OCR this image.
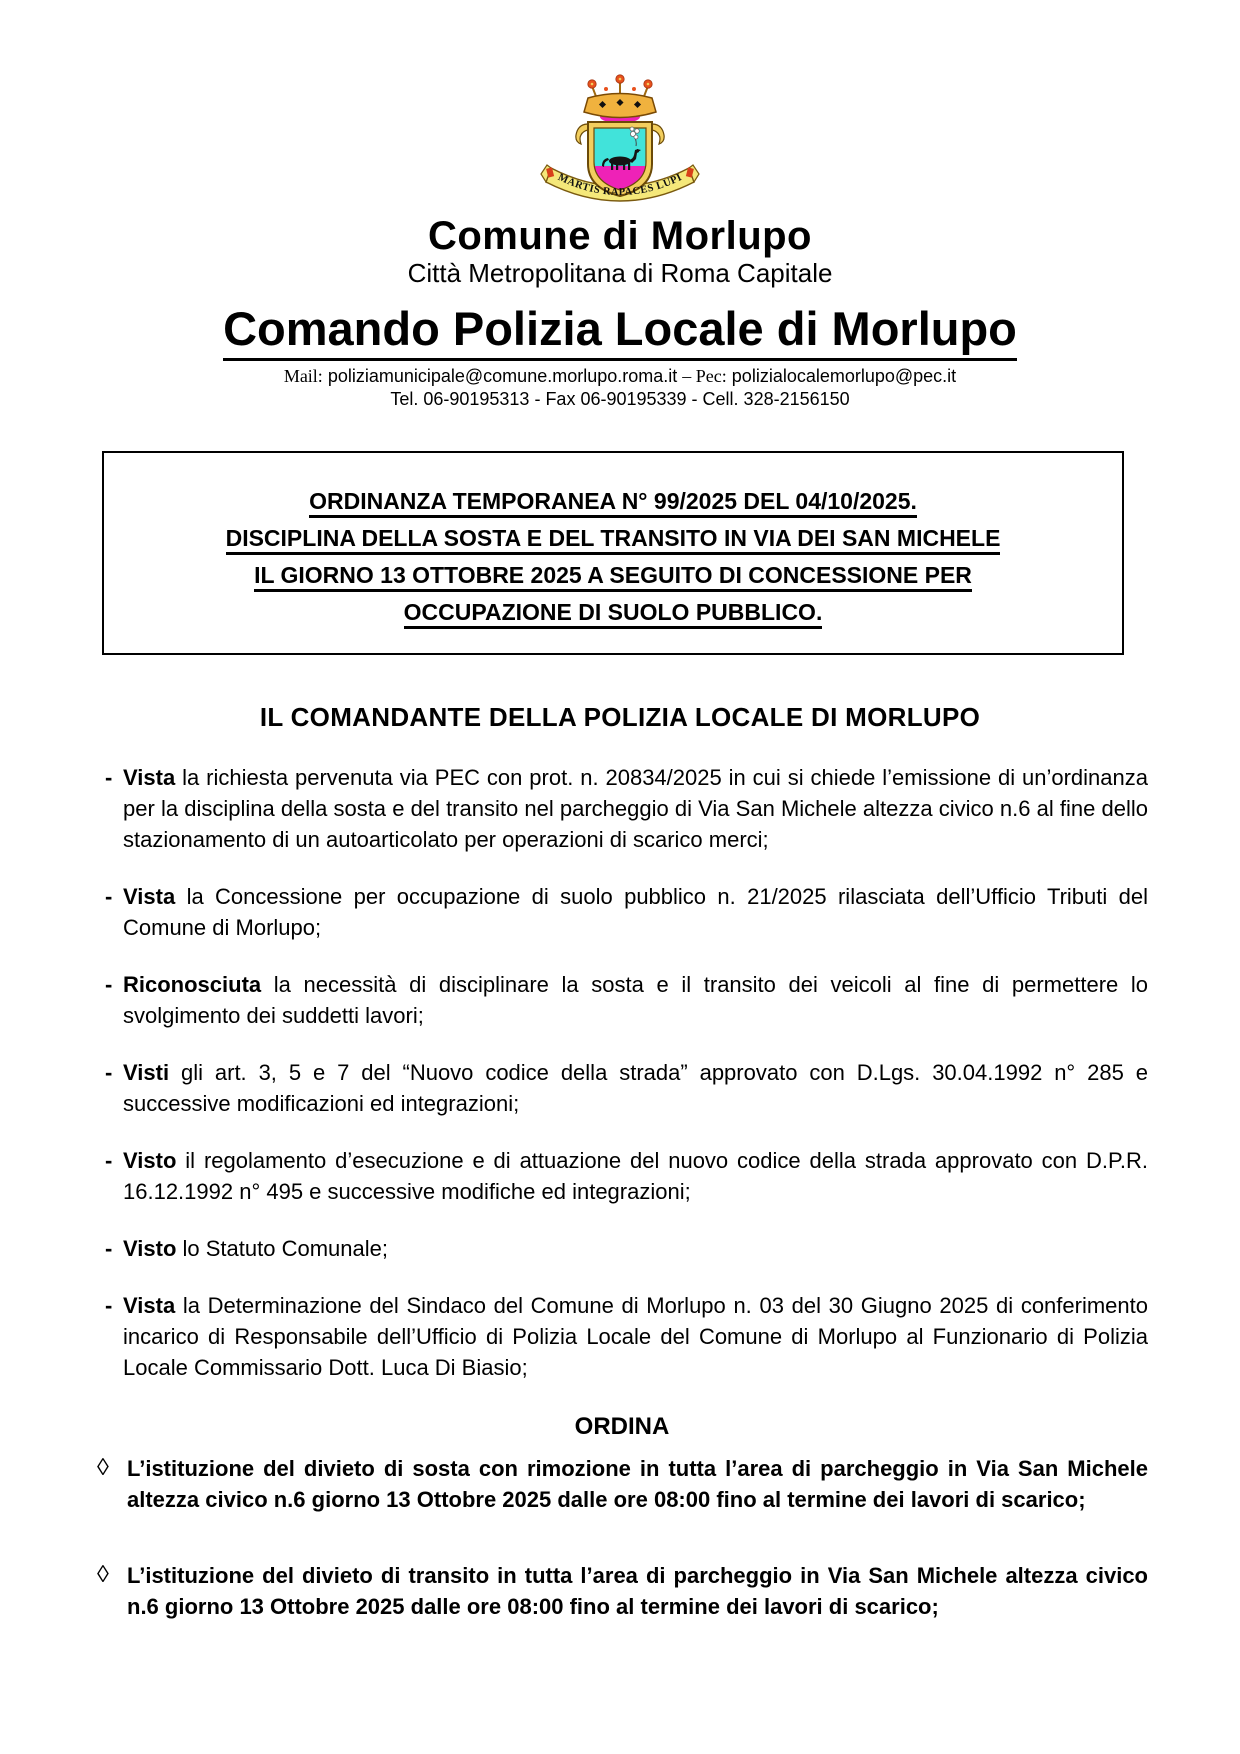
MARTIS RAPACES LUPI
Comune di Morlupo
Città Metropolitana di Roma Capitale
Comando Polizia Locale di Morlupo
Mail: poliziamunicipale@comune.morlupo.roma.it – Pec: polizialocalemorlupo@pec.it
Tel. 06-90195313 - Fax 06-90195339 - Cell. 328-2156150
ORDINANZA TEMPORANEA N° 99/2025 DEL 04/10/2025.
DISCIPLINA DELLA SOSTA E DEL TRANSITO IN VIA DEI SAN MICHELE
IL GIORNO 13 OTTOBRE 2025 A SEGUITO DI CONCESSIONE PER
OCCUPAZIONE DI SUOLO PUBBLICO.
IL COMANDANTE DELLA POLIZIA LOCALE DI MORLUPO
- Vista la richiesta pervenuta via PEC con prot. n. 20834/2025 in cui si chiede l’emissione di un’ordinanza per la disciplina della sosta e del transito nel parcheggio di Via San Michele altezza civico n.6 al fine dello stazionamento di un autoarticolato per operazioni di scarico merci;
- Vista la Concessione per occupazione di suolo pubblico n. 21/2025 rilasciata dell’Ufficio Tributi del Comune di Morlupo;
- Riconosciuta la necessità di disciplinare la sosta e il transito dei veicoli al fine di permettere lo svolgimento dei suddetti lavori;
- Visti gli art. 3, 5 e 7 del “Nuovo codice della strada” approvato con D.Lgs. 30.04.1992 n° 285 e successive modificazioni ed integrazioni;
- Visto il regolamento d’esecuzione e di attuazione del nuovo codice della strada approvato con D.P.R. 16.12.1992 n° 495 e successive modifiche ed integrazioni;
- Visto lo Statuto Comunale;
- Vista la Determinazione del Sindaco del Comune di Morlupo n. 03 del 30 Giugno 2025 di conferimento incarico di Responsabile dell’Ufficio di Polizia Locale del Comune di Morlupo al Funzionario di Polizia Locale Commissario Dott. Luca Di Biasio;
ORDINA
◊ L’istituzione del divieto di sosta con rimozione in tutta l’area di parcheggio in Via San Michele altezza civico n.6 giorno 13 Ottobre 2025 dalle ore 08:00 fino al termine dei lavori di scarico;
◊ L’istituzione del divieto di transito in tutta l’area di parcheggio in Via San Michele altezza civico n.6 giorno 13 Ottobre 2025 dalle ore 08:00 fino al termine dei lavori di scarico;
